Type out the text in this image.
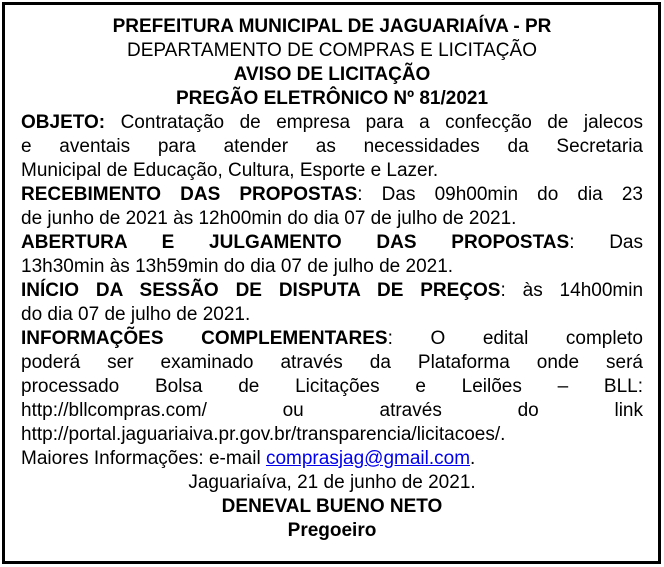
PREFEITURA MUNICIPAL DE JAGUARIAÍVA - PR
DEPARTAMENTO DE COMPRAS E LICITAÇÃO
AVISO DE LICITAÇÃO
PREGÃO ELETRÔNICO Nº 81/2021
OBJETO: Contratação de empresa para a confecção de jalecos
e aventais para atender as necessidades da Secretaria
Municipal de Educação, Cultura, Esporte e Lazer.
RECEBIMENTO DAS PROPOSTAS: Das 09h00min do dia 23
de junho de 2021 às 12h00min do dia 07 de julho de 2021.
ABERTURA E JULGAMENTO DAS PROPOSTAS: Das
13h30min às 13h59min do dia 07 de julho de 2021.
INÍCIO DA SESSÃO DE DISPUTA DE PREÇOS: às 14h00min
do dia 07 de julho de 2021.
INFORMAÇÕES COMPLEMENTARES: O edital completo
poderá ser examinado através da Plataforma onde será
processado Bolsa de Licitações e Leilões – BLL:
http://bllcompras.com/ ou através do link
http://portal.jaguariaiva.pr.gov.br/transparencia/licitacoes/.
Maiores Informações: e-mail comprasjag@gmail.com.
Jaguariaíva, 21 de junho de 2021.
DENEVAL BUENO NETO
Pregoeiro
